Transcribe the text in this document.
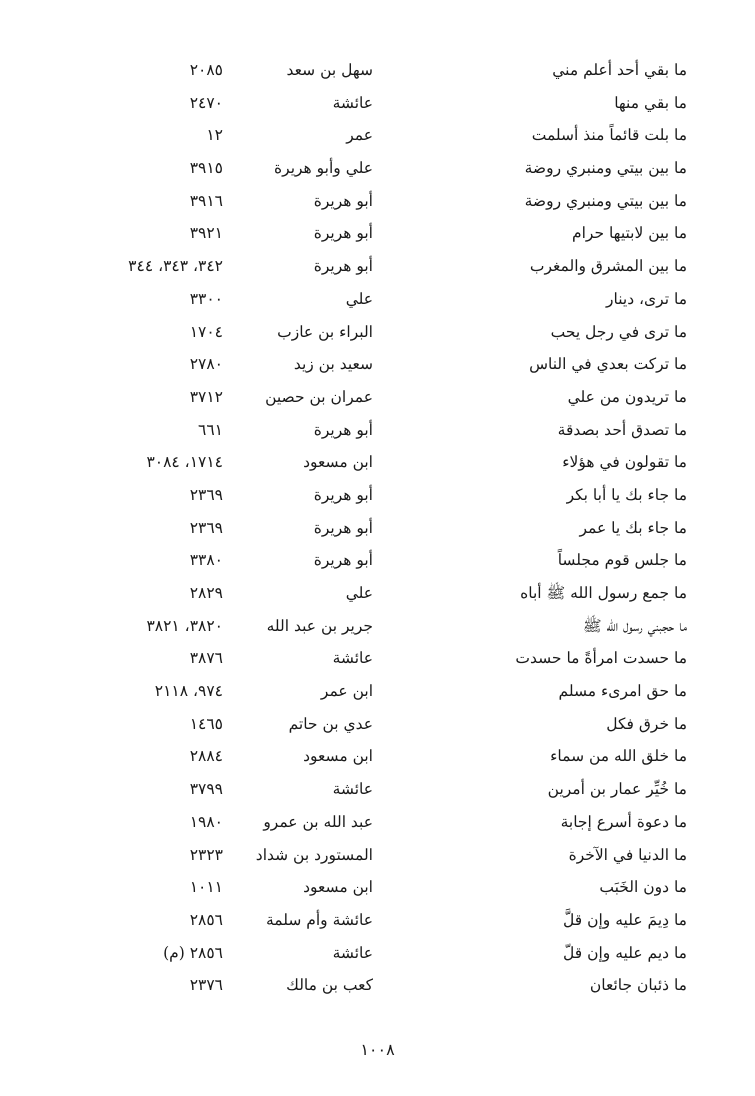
ما بقي أحد أعلم مني
سهل بن سعد
٢٠٨٥
ما بقي منها
عائشة
٢٤٧٠
ما بلت قائماً منذ أسلمت
عمر
١٢
ما بين بيتي ومنبري روضة
علي وأبو هريرة
٣٩١٥
ما بين بيتي ومنبري روضة
أبو هريرة
٣٩١٦
ما بين لابتيها حرام
أبو هريرة
٣٩٢١
ما بين المشرق والمغرب
أبو هريرة
٣٤٢، ٣٤٣، ٣٤٤
ما ترى، دينار
علي
٣٣٠٠
ما ترى في رجل يحب
البراء بن عازب
١٧٠٤
ما تركت بعدي في الناس
سعيد بن زيد
٢٧٨٠
ما تريدون من علي
عمران بن حصين
٣٧١٢
ما تصدق أحد بصدقة
أبو هريرة
٦٦١
ما تقولون في هؤلاء
ابن مسعود
١٧١٤، ٣٠٨٤
ما جاء بك يا أبا بكر
أبو هريرة
٢٣٦٩
ما جاء بك يا عمر
أبو هريرة
٢٣٦٩
ما جلس قوم مجلساً
أبو هريرة
٣٣٨٠
ما جمع رسول الله ﷺ أباه
علي
٢٨٢٩
ما حجبني رسول الله ﷺ
جرير بن عبد الله
٣٨٢٠، ٣٨٢١
ما حسدت امرأةً ما حسدت
عائشة
٣٨٧٦
ما حق امرىء مسلم
ابن عمر
٩٧٤، ٢١١٨
ما خرق فكل
عدي بن حاتم
١٤٦٥
ما خلق الله من سماء
ابن مسعود
٢٨٨٤
ما خُيِّر عمار بن أمرين
عائشة
٣٧٩٩
ما دعوة أسرع إجابة
عبد الله بن عمرو
١٩٨٠
ما الدنيا في الآخرة
المستورد بن شداد
٢٣٢٣
ما دون الخَبَب
ابن مسعود
١٠١١
ما دِيمَ عليه وإن قلَّ
عائشة وأم سلمة
٢٨٥٦
ما ديم عليه وإن قلّ
عائشة
٢٨٥٦ (م)
ما ذئبان جائعان
كعب بن مالك
٢٣٧٦
١٠٠٨
